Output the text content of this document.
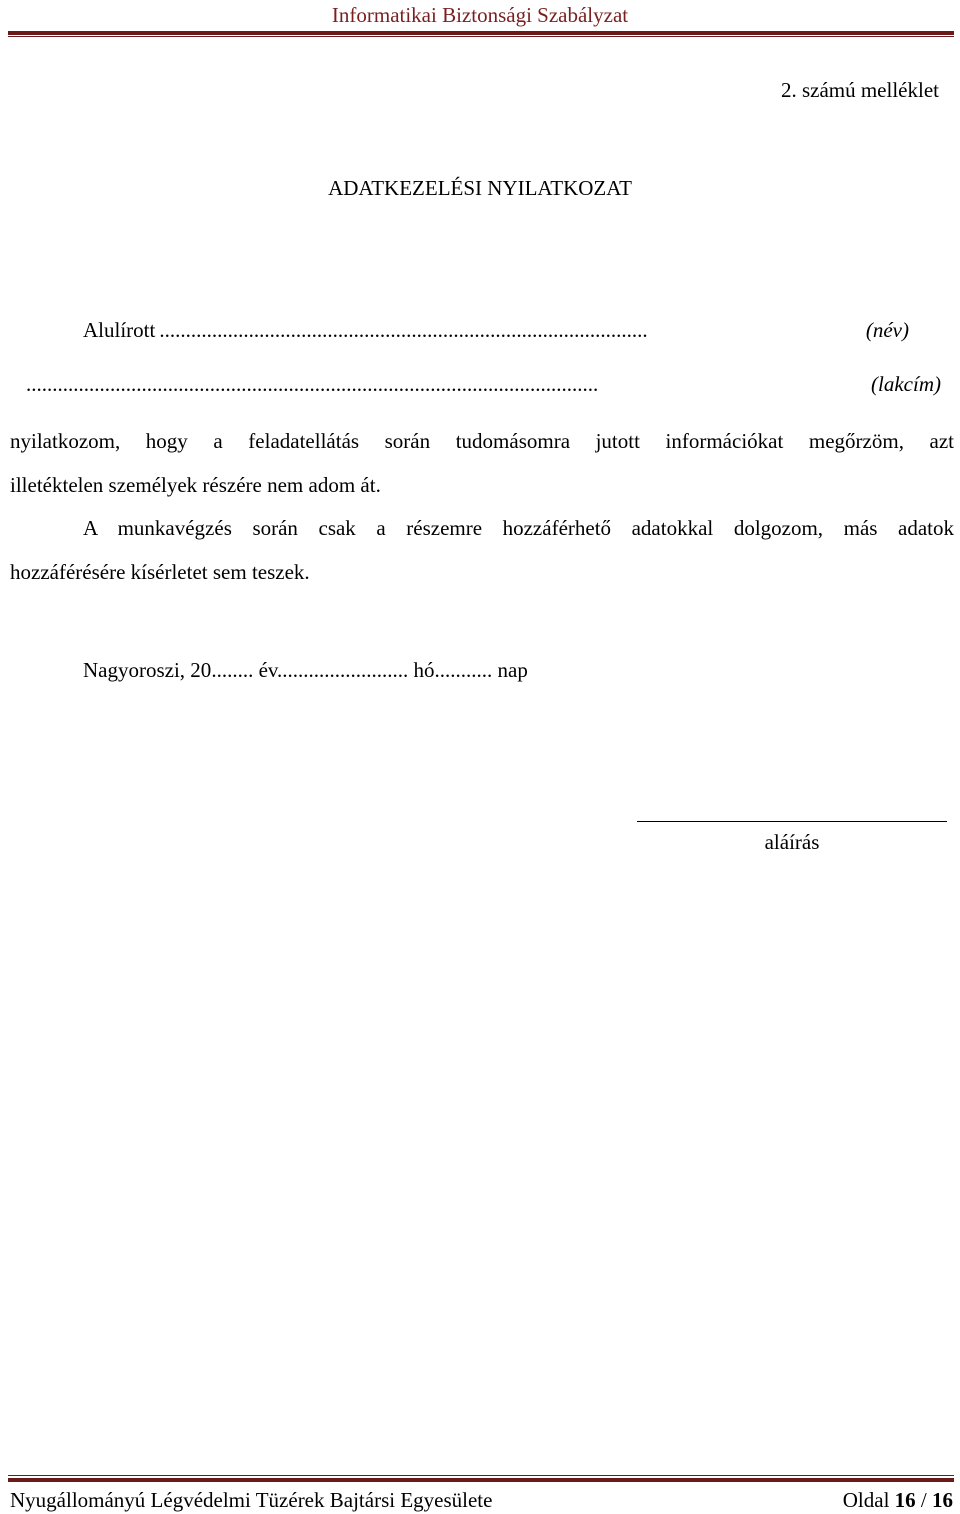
Informatikai Biztonsági Szabályzat
2. számú melléklet
ADATKEZELÉSI NYILATKOZAT
Alulírott .............................................................................................	(név)
.............................................................................................................	(lakcím)
nyilatkozom, hogy a feladatellátás során tudomásomra jutott információkat megőrzöm, azt
illetéktelen személyek részére nem adom át.
A munkavégzés során csak a részemre hozzáférhető adatokkal dolgozom, más adatok
hozzáférésére kísérletet sem teszek.
Nagyoroszi, 20........ év......................... hó........... nap
aláírás
Nyugállományú Légvédelmi Tüzérek Bajtársi Egyesülete	Oldal 16 / 16
